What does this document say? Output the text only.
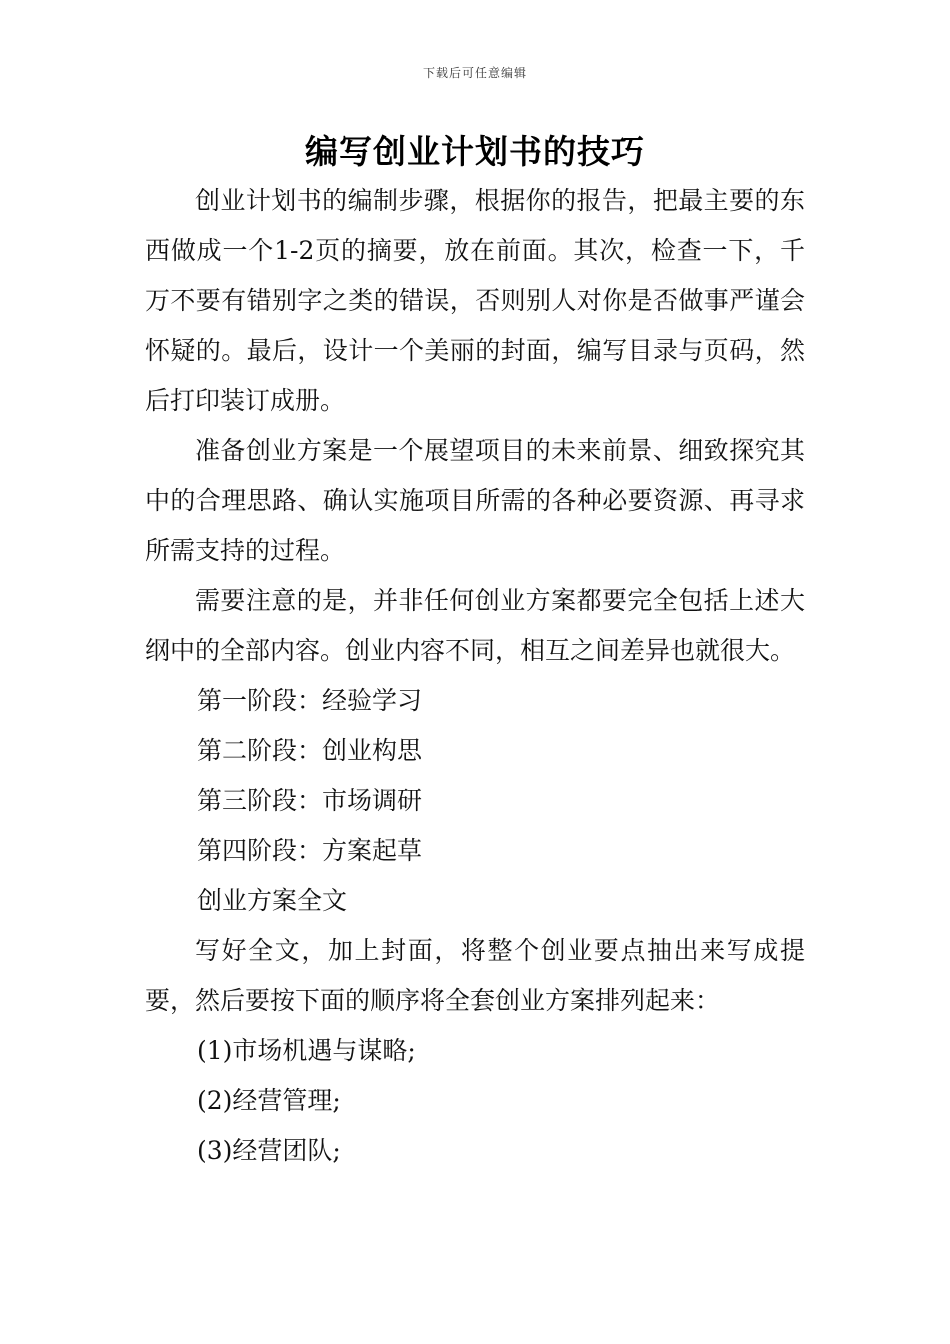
下载后可任意编辑
编写创业计划书的技巧

创业计划书的编制步骤，根据你的报告，把最主要的东西做成一个1-2页的摘要，放在前面。其次，检查一下，千万不要有错别字之类的错误，否则别人对你是否做事严谨会怀疑的。最后，设计一个美丽的封面，编写目录与页码，然后打印装订成册。

准备创业方案是一个展望项目的未来前景、细致探究其中的合理思路、确认实施项目所需的各种必要资源、再寻求所需支持的过程。

需要注意的是，并非任何创业方案都要完全包括上述大纲中的全部内容。创业内容不同，相互之间差异也就很大。

第一阶段：经验学习

第二阶段：创业构思

第三阶段：市场调研

第四阶段：方案起草

创业方案全文

写好全文，加上封面，将整个创业要点抽出来写成提要，然后要按下面的顺序将全套创业方案排列起来：

(1)市场机遇与谋略;

(2)经营管理;

(3)经营团队;
